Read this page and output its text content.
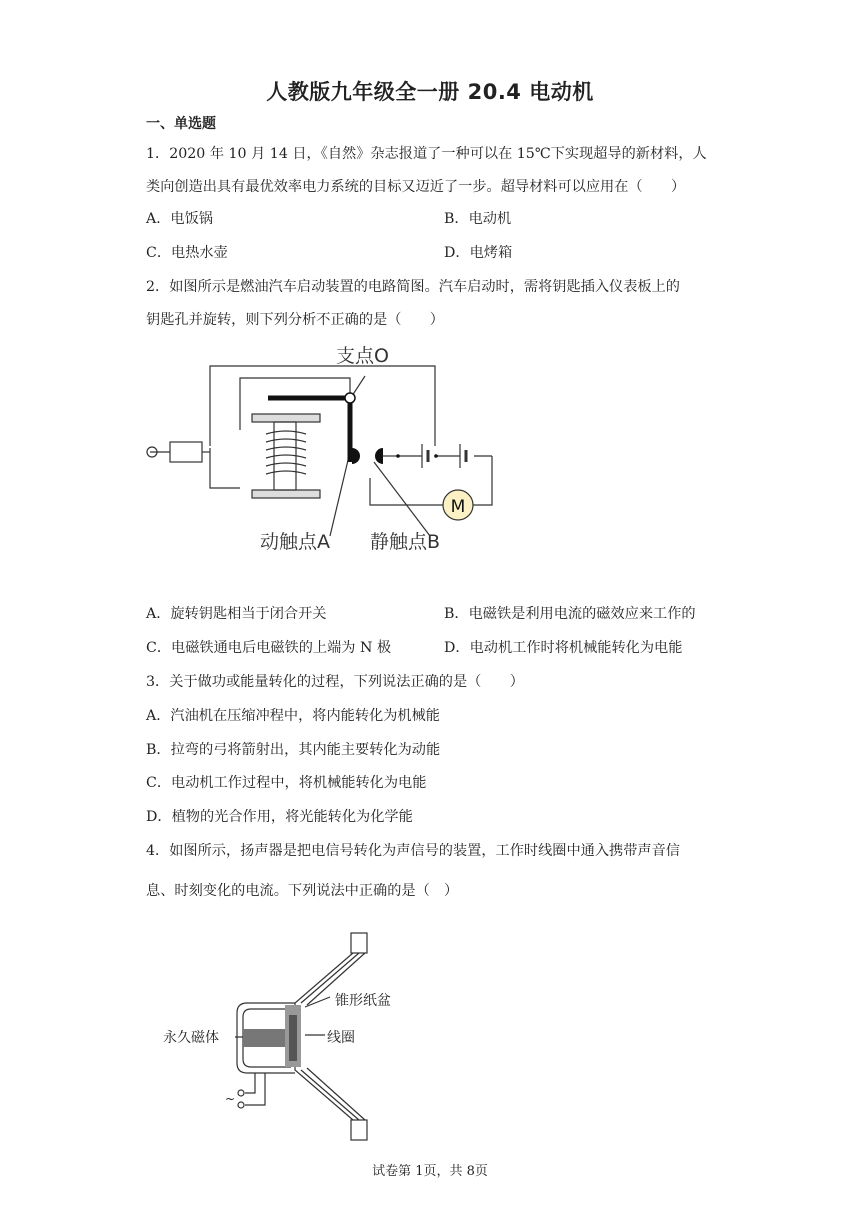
人教版九年级全一册 20.4 电动机
一、单选题
1．2020 年 10 月 14 日，《自然》杂志报道了一种可以在 15℃下实现超导的新材料，人
类向创造出具有最优效率电力系统的目标又迈近了一步。超导材料可以应用在（　　）
A．电饭锅	B．电动机
C．电热水壶	D．电烤箱
2．如图所示是燃油汽车启动装置的电路简图。汽车启动时，需将钥匙插入仪表板上的
钥匙孔并旋转，则下列分析不正确的是（　　）
M
支点O
动触点A 静触点B
A．旋转钥匙相当于闭合开关	B．电磁铁是利用电流的磁效应来工作的
C．电磁铁通电后电磁铁的上端为 N 极	D．电动机工作时将机械能转化为电能
3．关于做功或能量转化的过程，下列说法正确的是（　　）
A．汽油机在压缩冲程中，将内能转化为机械能
B．拉弯的弓将箭射出，其内能主要转化为动能
C．电动机工作过程中，将机械能转化为电能
D．植物的光合作用，将光能转化为化学能
4．如图所示，扬声器是把电信号转化为声信号的装置，工作时线圈中通入携带声音信
息、时刻变化的电流。下列说法中正确的是（　）
锥形纸盆
永久磁体	线圈
~
试卷第 1页，共 8页
